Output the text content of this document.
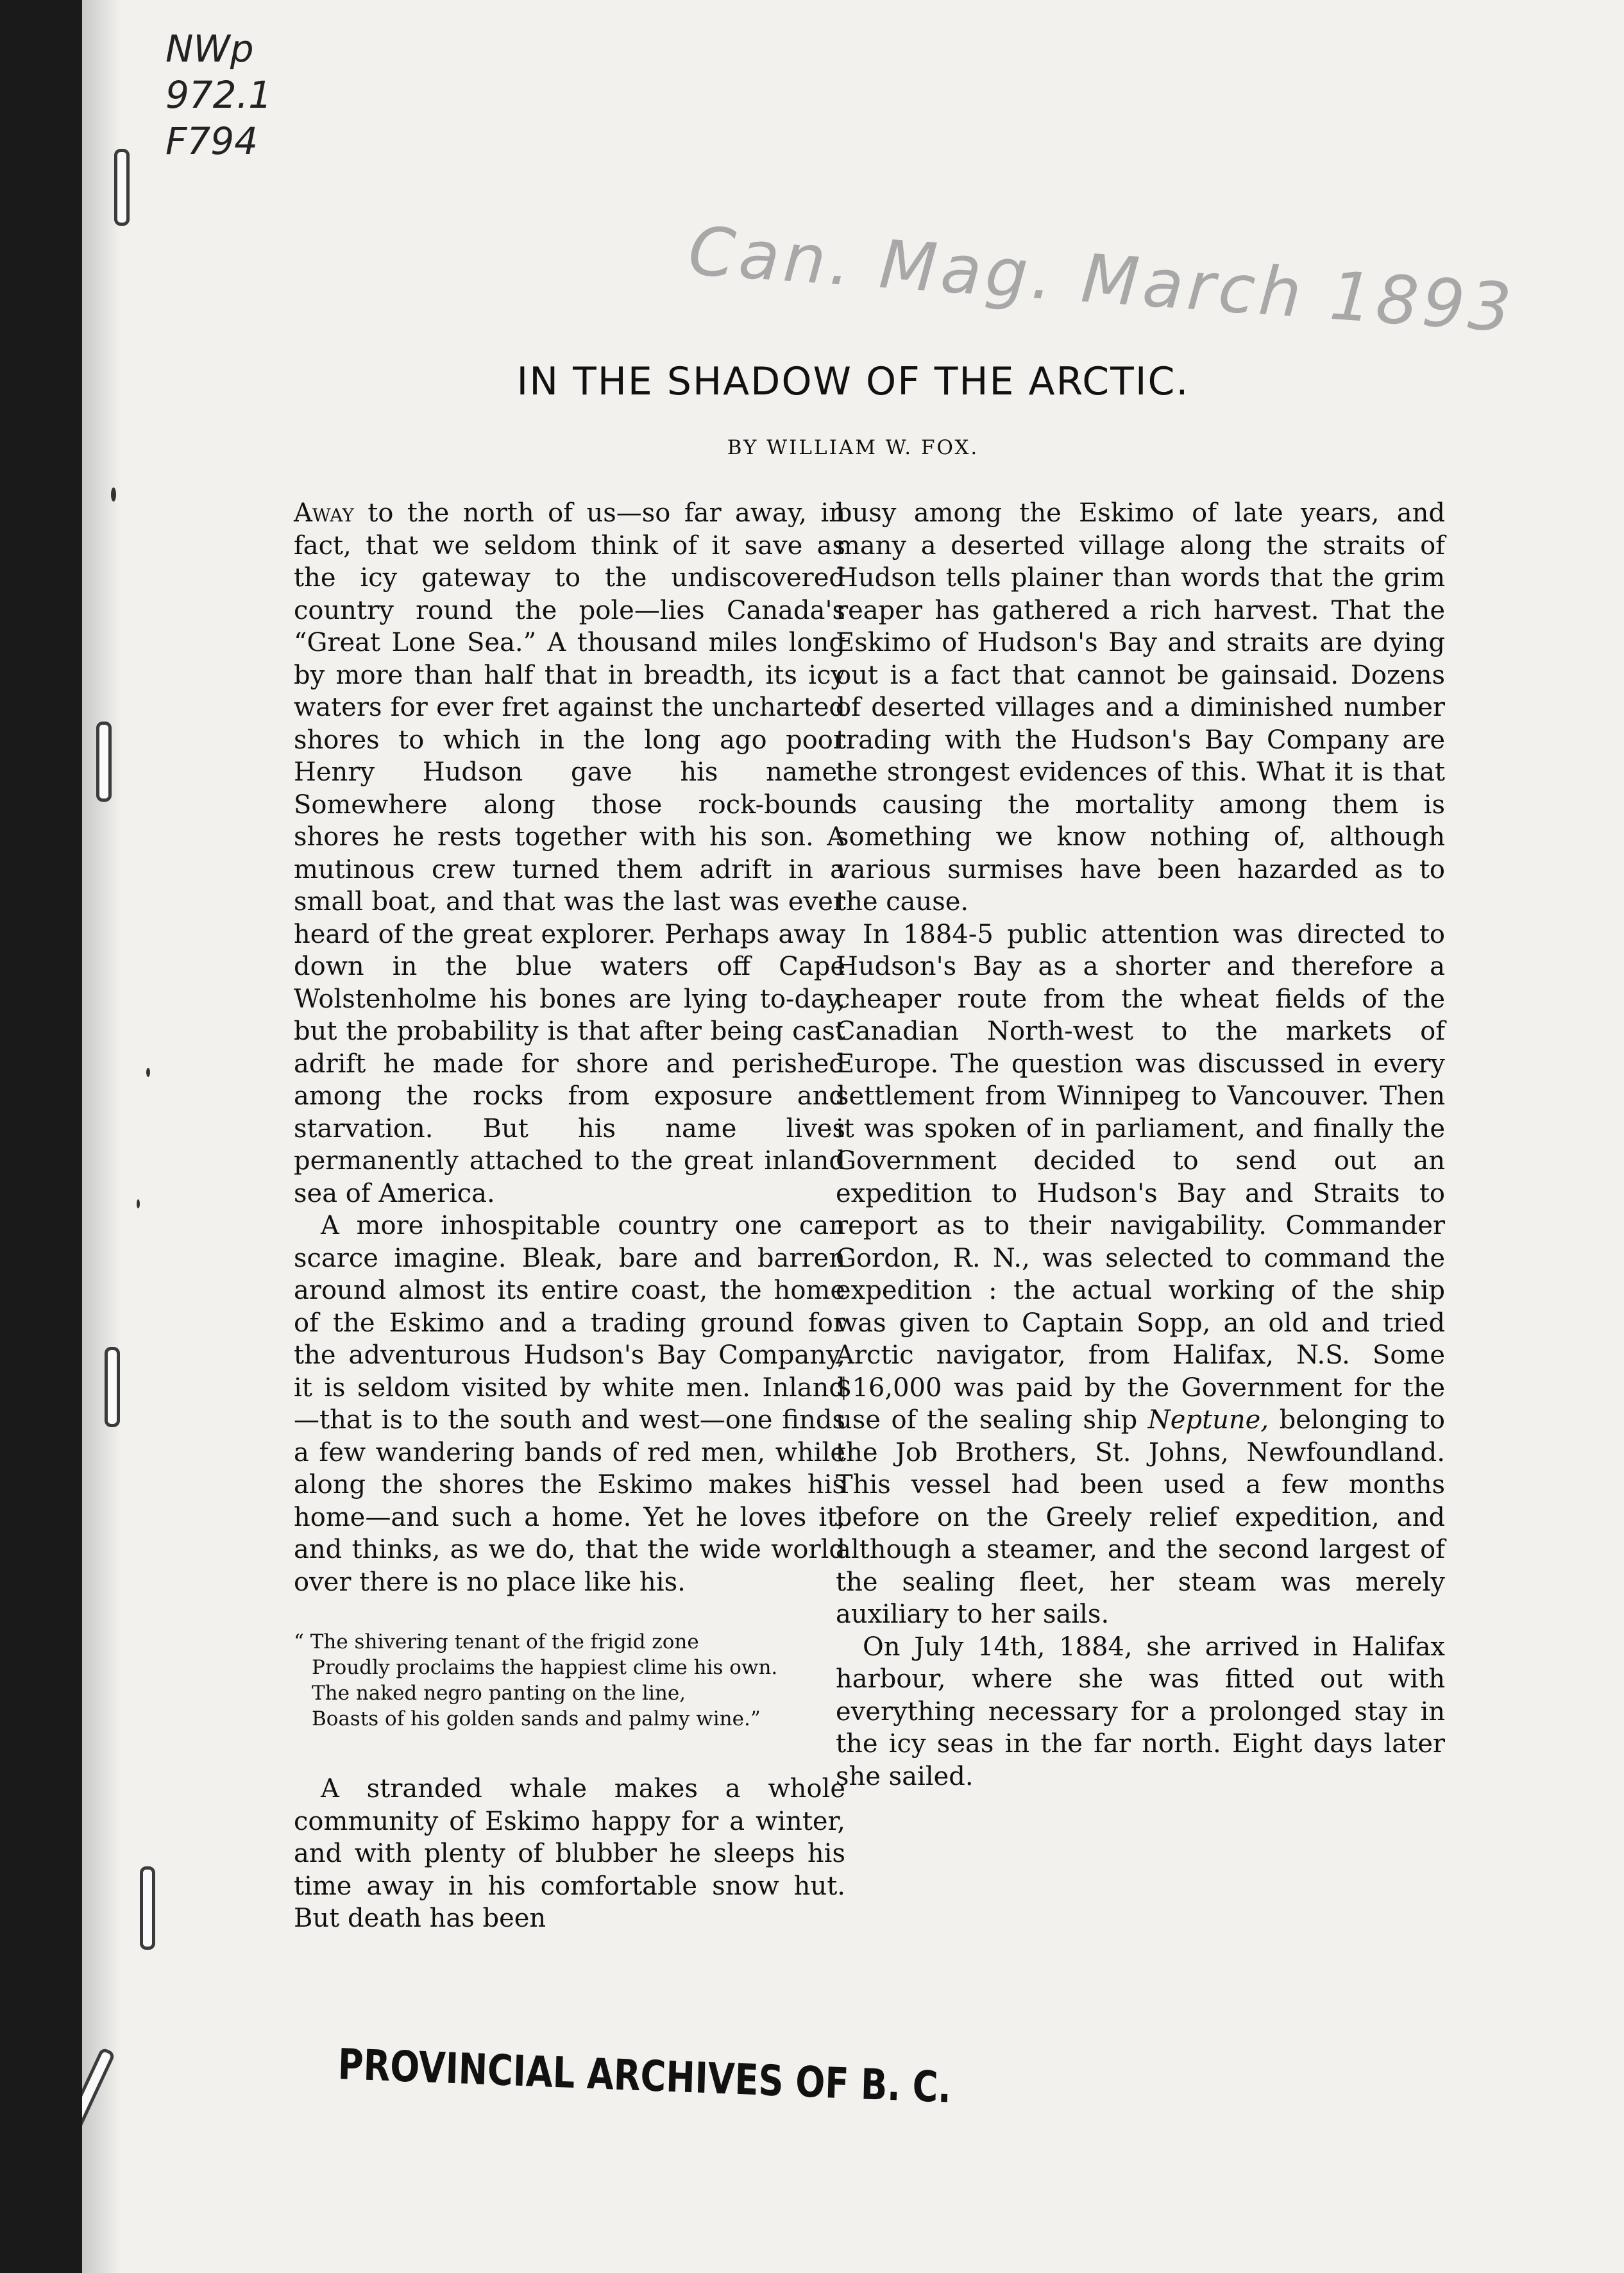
NWp
972.1
F794
Can. Mag. March 1893
IN THE SHADOW OF THE ARCTIC.
BY WILLIAM W. FOX.

Away to the north of us—so far away, in fact, that we seldom think of it save as the icy gateway to the undiscovered country round the pole—lies Canada's “Great Lone Sea.” A thousand miles long by more than half that in breadth, its icy waters for ever fret against the uncharted shores to which in the long ago poor Henry Hudson gave his name. Somewhere along those rock-bound shores he rests together with his son. A mutinous crew turned them adrift in a small boat, and that was the last was ever heard of the great explorer. Perhaps away down in the blue waters off Cape Wolstenholme his bones are lying to-day, but the probability is that after being cast adrift he made for shore and perished among the rocks from exposure and starvation. But his name lives permanently attached to the great inland sea of America.

A more inhospitable country one can scarce imagine. Bleak, bare and barren around almost its entire coast, the home of the Eskimo and a trading ground for the adventurous Hudson's Bay Company, it is seldom visited by white men. Inland—that is to the south and west—one finds a few wandering bands of red men, while along the shores the Eskimo makes his home—and such a home. Yet he loves it, and thinks, as we do, that the wide world over there is no place like his.

“ The shivering tenant of the frigid zone
Proudly proclaims the happiest clime his own.
The naked negro panting on the line,
Boasts of his golden sands and palmy wine.”

A stranded whale makes a whole community of Eskimo happy for a winter, and with plenty of blubber he sleeps his time away in his comfortable snow hut. But death has been

busy among the Eskimo of late years, and many a deserted village along the straits of Hudson tells plainer than words that the grim reaper has gathered a rich harvest. That the Eskimo of Hudson's Bay and straits are dying out is a fact that cannot be gainsaid. Dozens of deserted villages and a diminished number trading with the Hudson's Bay Company are the strongest evidences of this. What it is that is causing the mortality among them is something we know nothing of, although various surmises have been hazarded as to the cause.

In 1884-5 public attention was directed to Hudson's Bay as a shorter and therefore a cheaper route from the wheat fields of the Canadian North-west to the markets of Europe. The question was discussed in every settlement from Winnipeg to Vancouver. Then it was spoken of in parliament, and finally the Government decided to send out an expedition to Hudson's Bay and Straits to report as to their navigability. Commander Gordon, R. N., was selected to command the expedition : the actual working of the ship was given to Captain Sopp, an old and tried Arctic navigator, from Halifax, N.S. Some $16,000 was paid by the Government for the use of the sealing ship Neptune, belonging to the Job Brothers, St. Johns, Newfoundland. This vessel had been used a few months before on the Greely relief expedition, and although a steamer, and the second largest of the sealing fleet, her steam was merely auxiliary to her sails.

On July 14th, 1884, she arrived in Halifax harbour, where she was fitted out with everything necessary for a prolonged stay in the icy seas in the far north. Eight days later she sailed.

PROVINCIAL ARCHIVES OF B. C.
